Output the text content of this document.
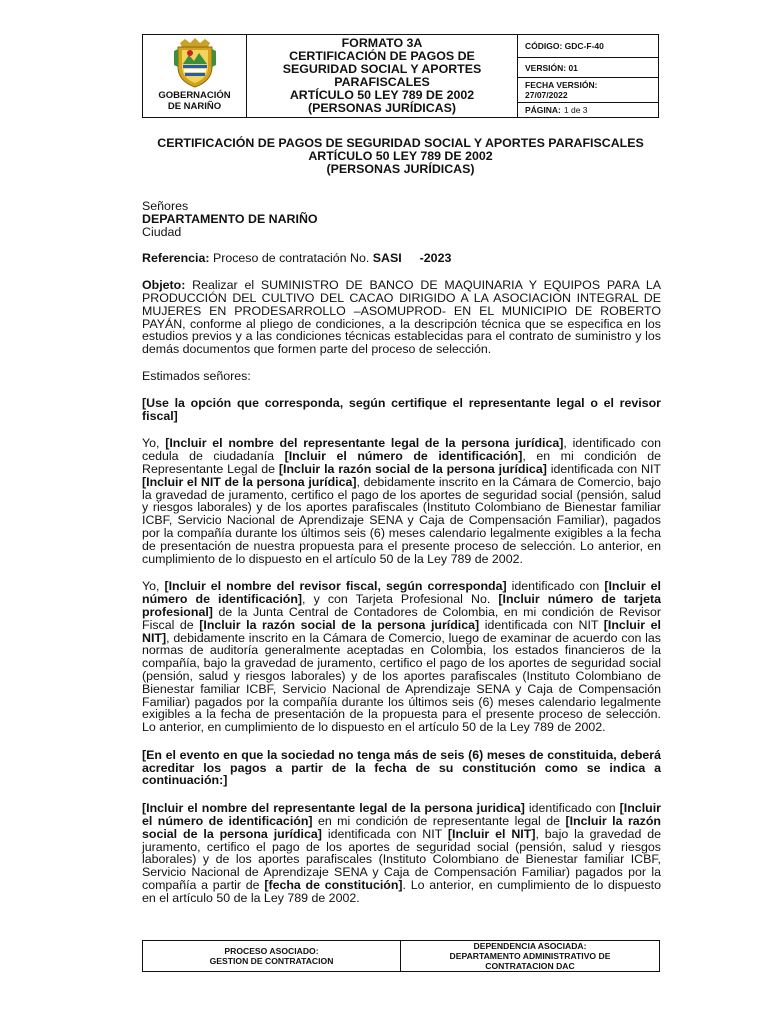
GOBERNACIÓN
DE NARIÑO
FORMATO 3A
CERTIFICACIÓN DE PAGOS DE
SEGURIDAD SOCIAL Y APORTES
PARAFISCALES
ARTÍCULO 50 LEY 789 DE 2002
(PERSONAS JURÍDICAS)
CÓDIGO: GDC-F-40
VERSIÓN: 01
FECHA VERSIÓN:
27/07/2022
PÁGINA: 1 de 3
CERTIFICACIÓN DE PAGOS DE SEGURIDAD SOCIAL Y APORTES PARAFISCALES
ARTÍCULO 50 LEY 789 DE 2002
(PERSONAS JURÍDICAS)

Señores

DEPARTAMENTO DE NARIÑO

Ciudad

Referencia: Proceso de contratación No. SASI -2023

Objeto: Realizar el SUMINISTRO DE BANCO DE MAQUINARIA Y EQUIPOS PARA LA PRODUCCIÓN DEL CULTIVO DEL CACAO DIRIGIDO A LA ASOCIACION INTEGRAL DE MUJERES EN PRODESARROLLO –ASOMUPROD- EN EL MUNICIPIO DE ROBERTO PAYÁN, conforme al pliego de condiciones, a la descripción técnica que se especifica en los estudios previos y a las condiciones técnicas establecidas para el contrato de suministro y los demás documentos que formen parte del proceso de selección.

Estimados señores:

[Use la opción que corresponda, según certifique el representante legal o el revisor fiscal]

Yo, [Incluir el nombre del representante legal de la persona jurídica], identificado con cedula de ciudadanía [Incluir el número de identificación], en mi condición de Representante Legal de [Incluir la razón social de la persona jurídica] identificada con NIT [Incluir el NIT de la persona jurídica], debidamente inscrito en la Cámara de Comercio, bajo la gravedad de juramento, certifico el pago de los aportes de seguridad social (pensión, salud y riesgos laborales) y de los aportes parafiscales (Instituto Colombiano de Bienestar familiar ICBF, Servicio Nacional de Aprendizaje SENA y Caja de Compensación Familiar), pagados por la compañía durante los últimos seis (6) meses calendario legalmente exigibles a la fecha de presentación de nuestra propuesta para el presente proceso de selección. Lo anterior, en cumplimiento de lo dispuesto en el artículo 50 de la Ley 789 de 2002.

Yo, [Incluir el nombre del revisor fiscal, según corresponda] identificado con [Incluir el número de identificación], y con Tarjeta Profesional No. [Incluir número de tarjeta profesional] de la Junta Central de Contadores de Colombia, en mi condición de Revisor Fiscal de [Incluir la razón social de la persona jurídica] identificada con NIT [Incluir el NIT], debidamente inscrito en la Cámara de Comercio, luego de examinar de acuerdo con las normas de auditoría generalmente aceptadas en Colombia, los estados financieros de la compañía, bajo la gravedad de juramento, certifico el pago de los aportes de seguridad social (pensión, salud y riesgos laborales) y de los aportes parafiscales (Instituto Colombiano de Bienestar familiar ICBF, Servicio Nacional de Aprendizaje SENA y Caja de Compensación Familiar) pagados por la compañía durante los últimos seis (6) meses calendario legalmente exigibles a la fecha de presentación de la propuesta para el presente proceso de selección. Lo anterior, en cumplimiento de lo dispuesto en el artículo 50 de la Ley 789 de 2002.

[En el evento en que la sociedad no tenga más de seis (6) meses de constituida, deberá acreditar los pagos a partir de la fecha de su constitución como se indica a continuación:]

[Incluir el nombre del representante legal de la persona juridica] identificado con [Incluir el número de identificación] en mi condición de representante legal de [Incluir la razón social de la persona jurídica] identificada con NIT [Incluir el NIT], bajo la gravedad de juramento, certifico el pago de los aportes de seguridad social (pensión, salud y riesgos laborales) y de los aportes parafiscales (Instituto Colombiano de Bienestar familiar ICBF, Servicio Nacional de Aprendizaje SENA y Caja de Compensación Familiar) pagados por la compañía a partir de [fecha de constitución]. Lo anterior, en cumplimiento de lo dispuesto en el artículo 50 de la Ley 789 de 2002.

PROCESO ASOCIADO:
GESTION DE CONTRATACION
DEPENDENCIA ASOCIADA:
DEPARTAMENTO ADMINISTRATIVO DE
CONTRATACION DAC
